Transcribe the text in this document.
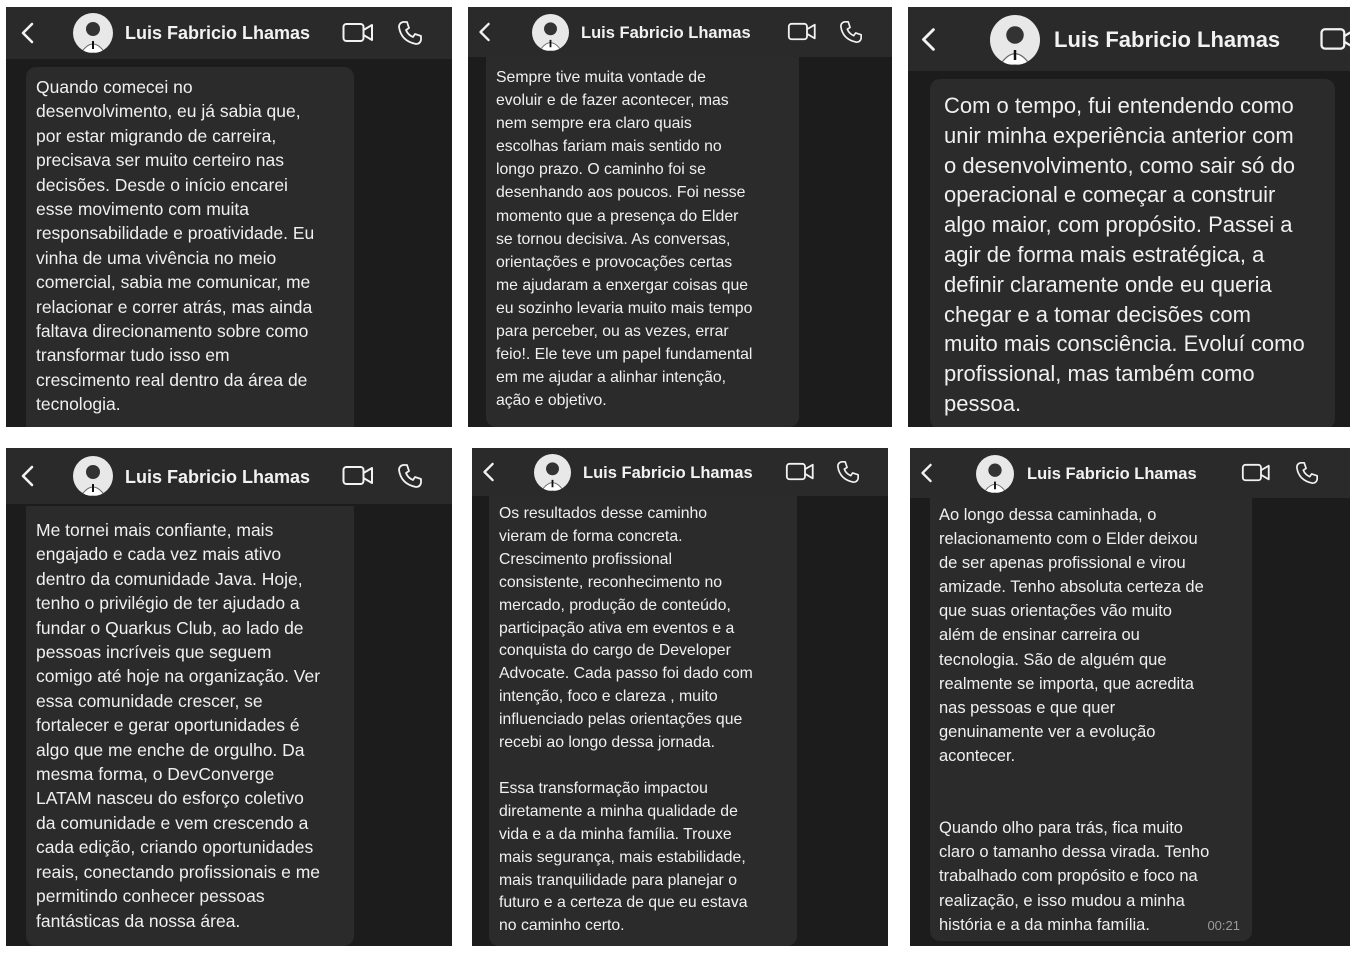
Luis Fabricio Lhamas

Quando comecei no
desenvolvimento, eu já sabia que,
por estar migrando de carreira,
precisava ser muito certeiro nas
decisões. Desde o início encarei
esse movimento com muita
responsabilidade e proatividade. Eu
vinha de uma vivência no meio
comercial, sabia me comunicar, me
relacionar e correr atrás, mas ainda
faltava direcionamento sobre como
transformar tudo isso em
crescimento real dentro da área de
tecnologia.

Luis Fabricio Lhamas

Sempre tive muita vontade de
evoluir e de fazer acontecer, mas
nem sempre era claro quais
escolhas fariam mais sentido no
longo prazo. O caminho foi se
desenhando aos poucos. Foi nesse
momento que a presença do Elder
se tornou decisiva. As conversas,
orientações e provocações certas
me ajudaram a enxergar coisas que
eu sozinho levaria muito mais tempo
para perceber, ou as vezes, errar
feio!. Ele teve um papel fundamental
em me ajudar a alinhar intenção,
ação e objetivo.

Luis Fabricio Lhamas

Com o tempo, fui entendendo como
unir minha experiência anterior com
o desenvolvimento, como sair só do
operacional e começar a construir
algo maior, com propósito. Passei a
agir de forma mais estratégica, a
definir claramente onde eu queria
chegar e a tomar decisões com
muito mais consciência. Evoluí como
profissional, mas também como
pessoa.

Luis Fabricio Lhamas

Me tornei mais confiante, mais
engajado e cada vez mais ativo
dentro da comunidade Java. Hoje,
tenho o privilégio de ter ajudado a
fundar o Quarkus Club, ao lado de
pessoas incríveis que seguem
comigo até hoje na organização. Ver
essa comunidade crescer, se
fortalecer e gerar oportunidades é
algo que me enche de orgulho. Da
mesma forma, o DevConverge
LATAM nasceu do esforço coletivo
da comunidade e vem crescendo a
cada edição, criando oportunidades
reais, conectando profissionais e me
permitindo conhecer pessoas
fantásticas da nossa área.

Luis Fabricio Lhamas

Os resultados desse caminho
vieram de forma concreta.
Crescimento profissional
consistente, reconhecimento no
mercado, produção de conteúdo,
participação ativa em eventos e a
conquista do cargo de Developer
Advocate. Cada passo foi dado com
intenção, foco e clareza , muito
influenciado pelas orientações que
recebi ao longo dessa jornada.

Essa transformação impactou
diretamente a minha qualidade de
vida e a da minha família. Trouxe
mais segurança, mais estabilidade,
mais tranquilidade para planejar o
futuro e a certeza de que eu estava
no caminho certo.

Luis Fabricio Lhamas

Ao longo dessa caminhada, o
relacionamento com o Elder deixou
de ser apenas profissional e virou
amizade. Tenho absoluta certeza de
que suas orientações vão muito
além de ensinar carreira ou
tecnologia. São de alguém que
realmente se importa, que acredita
nas pessoas e que quer
genuinamente ver a evolução
acontecer.

Quando olho para trás, fica muito
claro o tamanho dessa virada. Tenho
trabalhado com propósito e foco na
realização, e isso mudou a minha
história e a da minha família.	00:21
